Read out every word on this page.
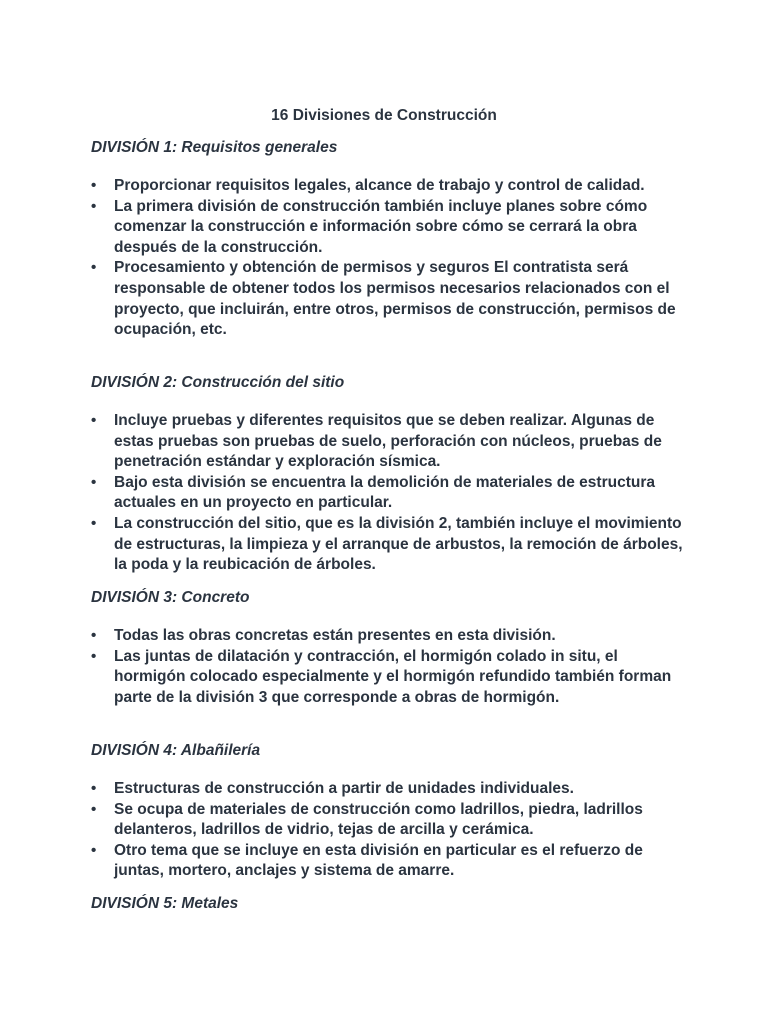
16 Divisiones de Construcción
DIVISIÓN 1: Requisitos generales
• Proporcionar requisitos legales, alcance de trabajo y control de calidad.
• La primera división de construcción también incluye planes sobre cómo comenzar la construcción e información sobre cómo se cerrará la obra después de la construcción.
• Procesamiento y obtención de permisos y seguros El contratista será responsable de obtener todos los permisos necesarios relacionados con el proyecto, que incluirán, entre otros, permisos de construcción, permisos de ocupación, etc.
DIVISIÓN 2: Construcción del sitio
• Incluye pruebas y diferentes requisitos que se deben realizar. Algunas de estas pruebas son pruebas de suelo, perforación con núcleos, pruebas de penetración estándar y exploración sísmica.
• Bajo esta división se encuentra la demolición de materiales de estructura actuales en un proyecto en particular.
• La construcción del sitio, que es la división 2, también incluye el movimiento de estructuras, la limpieza y el arranque de arbustos, la remoción de árboles, la poda y la reubicación de árboles.
DIVISIÓN 3: Concreto
• Todas las obras concretas están presentes en esta división.
• Las juntas de dilatación y contracción, el hormigón colado in situ, el hormigón colocado especialmente y el hormigón refundido también forman parte de la división 3 que corresponde a obras de hormigón.
DIVISIÓN 4: Albañilería
• Estructuras de construcción a partir de unidades individuales.
• Se ocupa de materiales de construcción como ladrillos, piedra, ladrillos delanteros, ladrillos de vidrio, tejas de arcilla y cerámica.
• Otro tema que se incluye en esta división en particular es el refuerzo de juntas, mortero, anclajes y sistema de amarre.
DIVISIÓN 5: Metales
